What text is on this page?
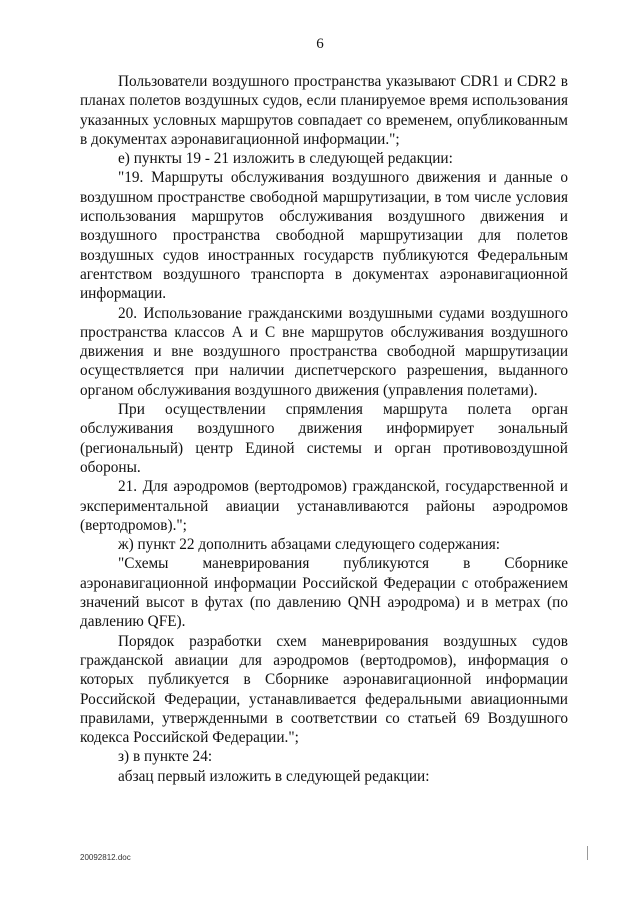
6

Пользователи воздушного пространства указывают CDR1 и CDR2 в планах полетов воздушных судов, если планируемое время использования указанных условных маршрутов совпадает со временем, опубликованным в документах аэронавигационной информации.";

е) пункты 19 - 21 изложить в следующей редакции:

"19. Маршруты обслуживания воздушного движения и данные о воздушном пространстве свободной маршрутизации, в том числе условия использования маршрутов обслуживания воздушного движения и воздушного пространства свободной маршрутизации для полетов воздушных судов иностранных государств публикуются Федеральным агентством воздушного транспорта в документах аэронавигационной информации.

20. Использование гражданскими воздушными судами воздушного пространства классов А и С вне маршрутов обслуживания воздушного движения и вне воздушного пространства свободной маршрутизации осуществляется при наличии диспетчерского разрешения, выданного органом обслуживания воздушного движения (управления полетами).

При осуществлении спрямления маршрута полета орган обслуживания воздушного движения информирует зональный (региональный) центр Единой системы и орган противовоздушной обороны.

21. Для аэродромов (вертодромов) гражданской, государственной и экспериментальной авиации устанавливаются районы аэродромов (вертодромов).";

ж) пункт 22 дополнить абзацами следующего содержания:

"Схемы маневрирования публикуются в Сборнике аэронавигационной информации Российской Федерации с отображением значений высот в футах (по давлению QNH аэродрома) и в метрах (по давлению QFE).

Порядок разработки схем маневрирования воздушных судов гражданской авиации для аэродромов (вертодромов), информация о которых публикуется в Сборнике аэронавигационной информации Российской Федерации, устанавливается федеральными авиационными правилами, утвержденными в соответствии со статьей 69 Воздушного кодекса Российской Федерации.";

з) в пункте 24:

абзац первый изложить в следующей редакции:

20092812.doc
